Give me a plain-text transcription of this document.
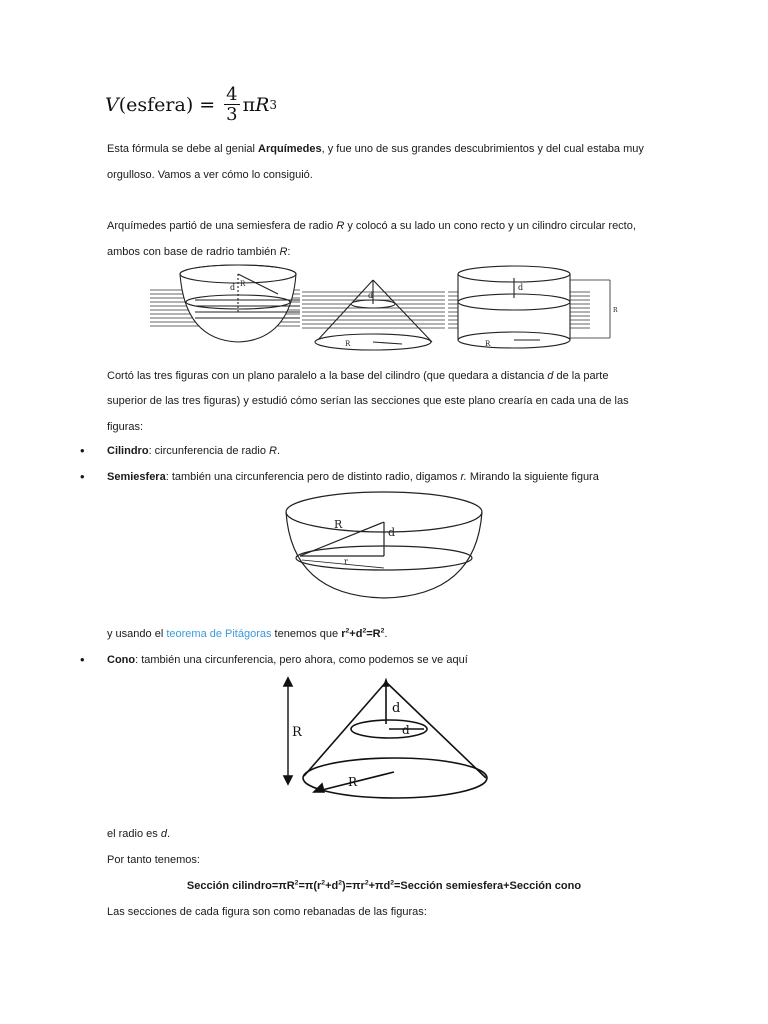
V (esfera) = $\frac{4}{3}$ π R 3
Esta fórmula se debe al genial Arquímedes, y fue uno de sus grandes descubrimientos y del cual estaba muy
orgulloso. Vamos a ver cómo lo consiguió.
Arquímedes partió de una semiesfera de radio R y colocó a su lado un cono recto y un cilindro circular recto,
ambos con base de radrio también R:
R
d
d
R
d
R
R
Cortó las tres figuras con un plano paralelo a la base del cilindro (que quedara a distancia d de la parte
superior de las tres figuras) y estudió cómo serían las secciones que este plano crearía en cada una de las
figuras:
• Cilindro: circunferencia de radio R.
• Semiesfera: también una circunferencia pero de distinto radio, digamos r. Mirando la siguiente figura
R
d
r
y usando el teorema de Pitágoras tenemos que $r^2+d^2=R^2$.
• Cono: también una circunferencia, pero ahora, como podemos se ve aquí
R
d
d
R
el radio es d.
Por tanto tenemos:
Sección $cilindro=\pi R^2=\pi(r^2+d^2)=\pi r^2+\pi d^2=Sección$ semiesfera+Sección cono
Las secciones de cada figura son como rebanadas de las figuras:
